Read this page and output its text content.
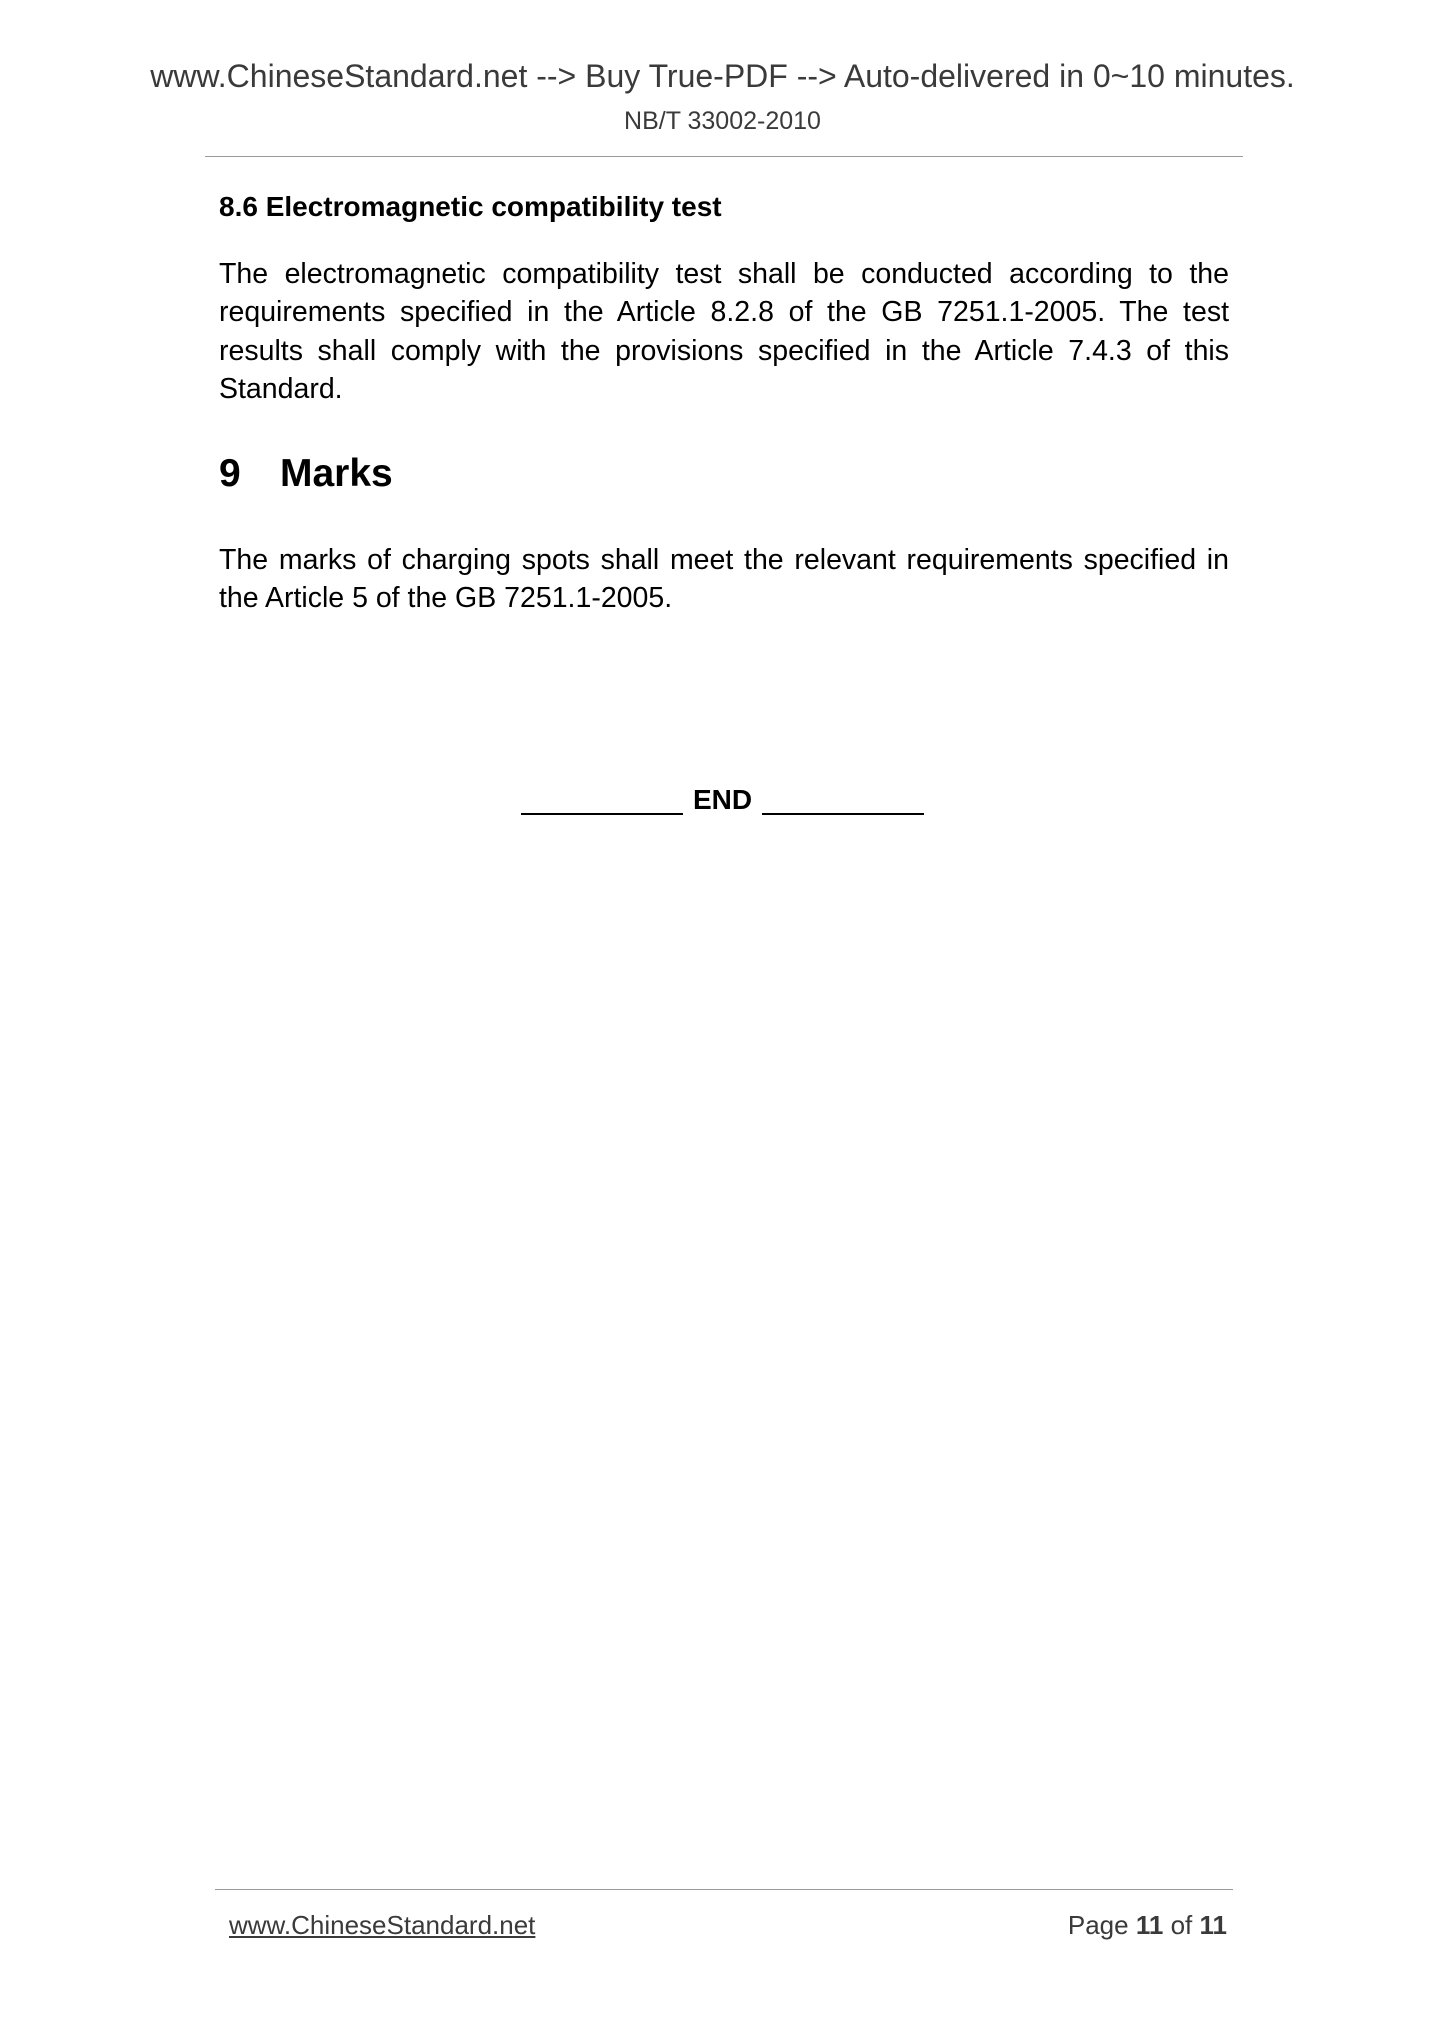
www.ChineseStandard.net --> Buy True-PDF --> Auto-delivered in 0~10 minutes.
NB/T 33002-2010
8.6 Electromagnetic compatibility test
The electromagnetic compatibility test shall be conducted according to the requirements specified in the Article 8.2.8 of the GB 7251.1-2005. The test results shall comply with the provisions specified in the Article 7.4.3 of this Standard.
9 Marks
The marks of charging spots shall meet the relevant requirements specified in the Article 5 of the GB 7251.1-2005.
END
www.ChineseStandard.net	Page 11 of 11
